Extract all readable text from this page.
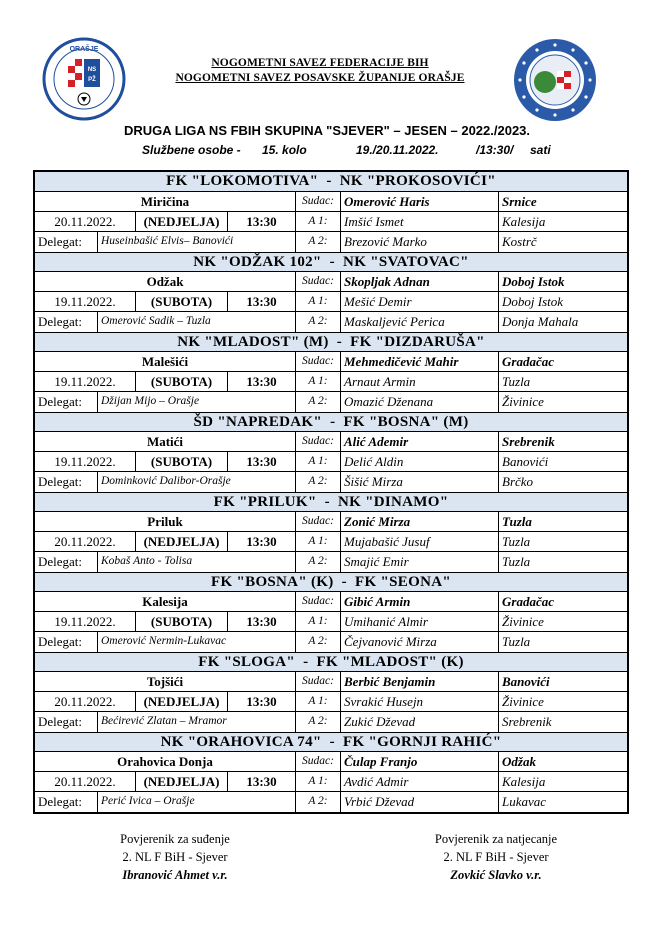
ORAŠJE
NS
PŽ
NOGOMETNI SAVEZ FEDERACIJE BIH
NOGOMETNI SAVEZ POSAVSKE ŽUPANIJE ORAŠJE
DRUGA LIGA NS FBIH SKUPINA "SJEVER" – JESEN – 2022./2023.
Službene osobe - 15. kolo	19./20.11.2022.	/13:30/ sati
FK "LOKOMOTIVA"  -  NK "PROKOSOVIĆI"
Miričina	Sudac: Omerović Haris	Srnice
20.11.2022.	(NEDJELJA)	13:30	A 1:	Imšić Ismet	Kalesija
Delegat:	Huseinbašić Elvis– Banovići	A 2:	Brezović Marko	Kostrč
NK "ODŽAK 102"  -  NK "SVATOVAC"
Odžak	Sudac: Skopljak Adnan	Doboj Istok
19.11.2022.	(SUBOTA)	13:30	A 1:	Mešić Demir	Doboj Istok
Delegat:	Omerović Sadik – Tuzla	A 2:	Maskaljević Perica	Donja Mahala
NK "MLADOST" (M)  -  FK "DIZDARUŠA"
Malešići	Sudac: Mehmedičević Mahir	Gradačac
19.11.2022.	(SUBOTA)	13:30	A 1:	Arnaut Armin	Tuzla
Delegat:	Džijan Mijo – Orašje	A 2:	Omazić Dženana	Živinice
ŠD "NAPREDAK"  -  FK "BOSNA" (M)
Matići	Sudac: Alić Ademir	Srebrenik
19.11.2022.	(SUBOTA)	13:30	A 1:	Delić Aldin	Banovići
Delegat:	Dominković Dalibor-Orašje	A 2:	Šišić Mirza	Brčko
FK "PRILUK"  -  NK "DINAMO"
Priluk	Sudac: Zonić Mirza	Tuzla
20.11.2022.	(NEDJELJA)	13:30	A 1:	Mujabašić Jusuf	Tuzla
Delegat:	Kobaš Anto - Tolisa	A 2:	Smajić Emir	Tuzla
FK "BOSNA" (K)  -  FK "SEONA"
Kalesija	Sudac: Gibić Armin	Gradačac
19.11.2022.	(SUBOTA)	13:30	A 1:	Umihanić Almir	Živinice
Delegat:	Omerović Nermin-Lukavac	A 2:	Čejvanović Mirza	Tuzla
FK "SLOGA"  -  FK "MLADOST" (K)
Tojšići	Sudac: Berbić Benjamin	Banovići
20.11.2022.	(NEDJELJA)	13:30	A 1:	Svrakić Husejn	Živinice
Delegat:	Bećirević Zlatan – Mramor	A 2:	Zukić Dževad	Srebrenik
NK "ORAHOVICA 74"  -  FK "GORNJI RAHIĆ"
Orahovica Donja	Sudac: Čulap Franjo	Odžak
20.11.2022.	(NEDJELJA)	13:30	A 1:	Avdić Admir	Kalesija
Delegat:	Perić Ivica – Orašje	A 2:	Vrbić Dževad	Lukavac
Povjerenik za suđenje
2. NL F BiH - Sjever
Ibranović Ahmet v.r.
Povjerenik za natjecanje
2. NL F BiH - Sjever
Zovkić Slavko v.r.
